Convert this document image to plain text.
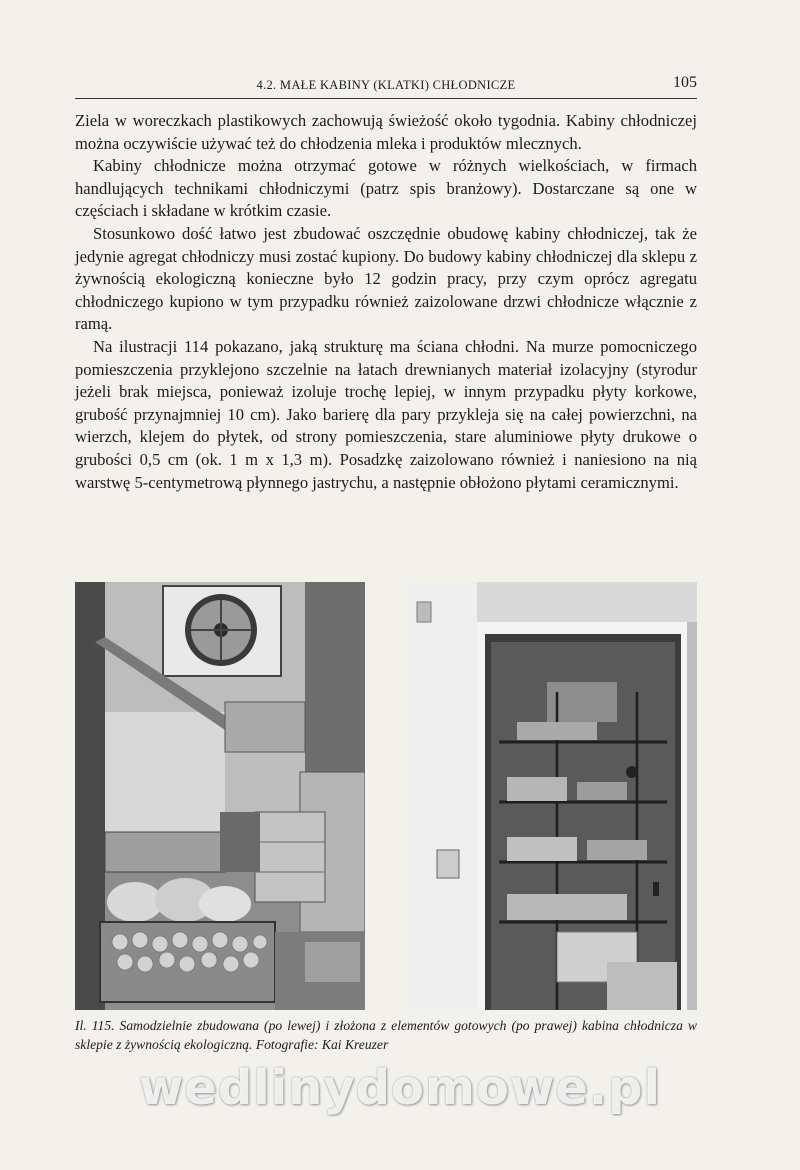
4.2. MAŁE KABINY (KLATKI) CHŁODNICZE	105

Ziela w woreczkach plastikowych zachowują świeżość około tygodnia. Kabiny chłodniczej można oczywiście używać też do chłodzenia mleka i produktów mlecznych.

Kabiny chłodnicze można otrzymać gotowe w różnych wielkościach, w firmach handlujących technikami chłodniczymi (patrz spis branżowy). Dostarczane są one w częściach i składane w krótkim czasie.

Stosunkowo dość łatwo jest zbudować oszczędnie obudowę kabiny chłodniczej, tak że jedynie agregat chłodniczy musi zostać kupiony. Do budowy kabiny chłodniczej dla sklepu z żywnością ekologiczną konieczne było 12 godzin pracy, przy czym oprócz agregatu chłodniczego kupiono w tym przypadku również zaizolowane drzwi chłodnicze włącznie z ramą.

Na ilustracji 114 pokazano, jaką strukturę ma ściana chłodni. Na murze pomocniczego pomieszczenia przyklejono szczelnie na łatach drewnianych materiał izolacyjny (styrodur jeżeli brak miejsca, ponieważ izoluje trochę lepiej, w innym przypadku płyty korkowe, grubość przynajmniej 10 cm). Jako barierę dla pary przykleja się na całej powierzchni, na wierzch, klejem do płytek, od strony pomieszczenia, stare aluminiowe płyty drukowe o grubości 0,5 cm (ok. 1 m x 1,3 m). Posadzkę zaizolowano również i naniesiono na nią warstwę 5-centymetrową płynnego jastrychu, a następnie obłożono płytami ceramicznymi.

Il. 115. Samodzielnie zbudowana (po lewej) i złożona z elementów gotowych (po prawej) kabina chłodnicza w sklepie z żywnością ekologiczną. Fotografie: Kai Kreuzer
wedlinydomowe.pl
